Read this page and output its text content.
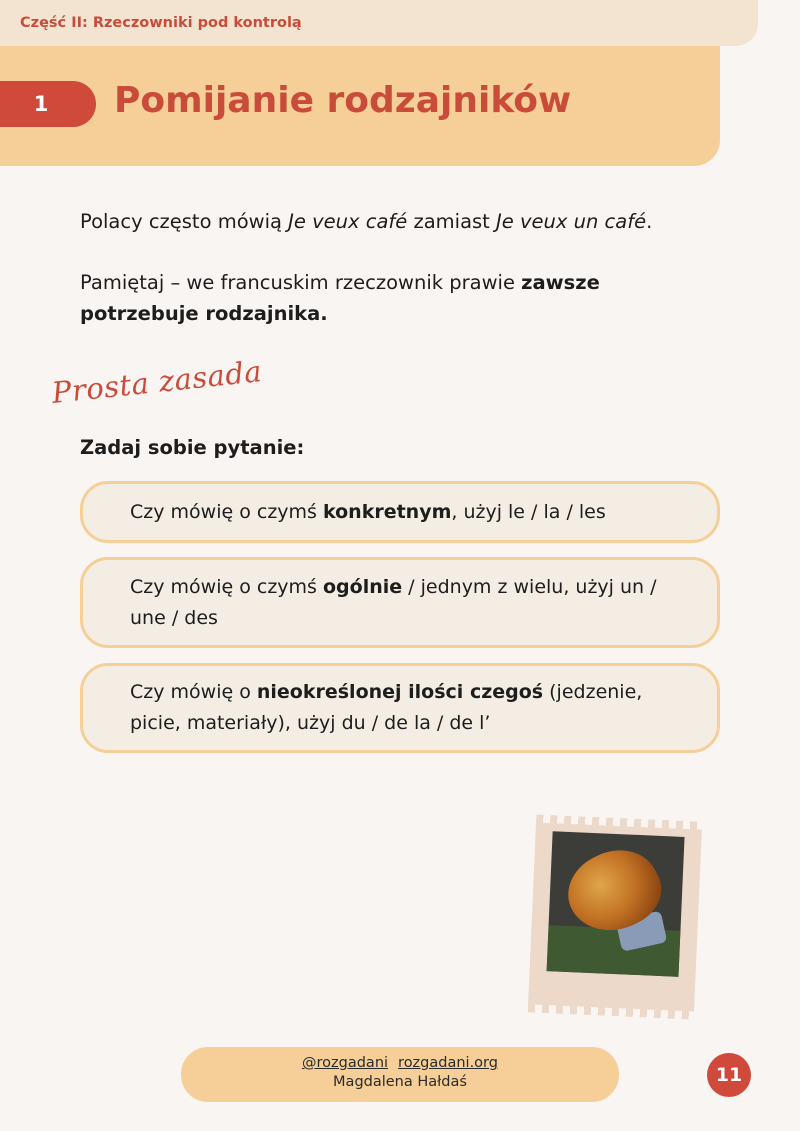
Część II: Rzeczowniki pod kontrolą
1	Pomijanie rodzajników

Polacy często mówią Je veux café zamiast Je veux un café.

Pamiętaj – we francuskim rzeczownik prawie zawsze potrzebuje rodzajnika.

Prosta zasada
Zadaj sobie pytanie:
Czy mówię o czymś konkretnym, użyj le / la / les
Czy mówię o czymś ogólnie / jednym z wielu, użyj un / une / des
Czy mówię o nieokreślonej ilości czegoś (jedzenie, picie, materiały), użyj du / de la / de l’
@rozgadani rozgadani.org
Magdalena Hałdaś	11
